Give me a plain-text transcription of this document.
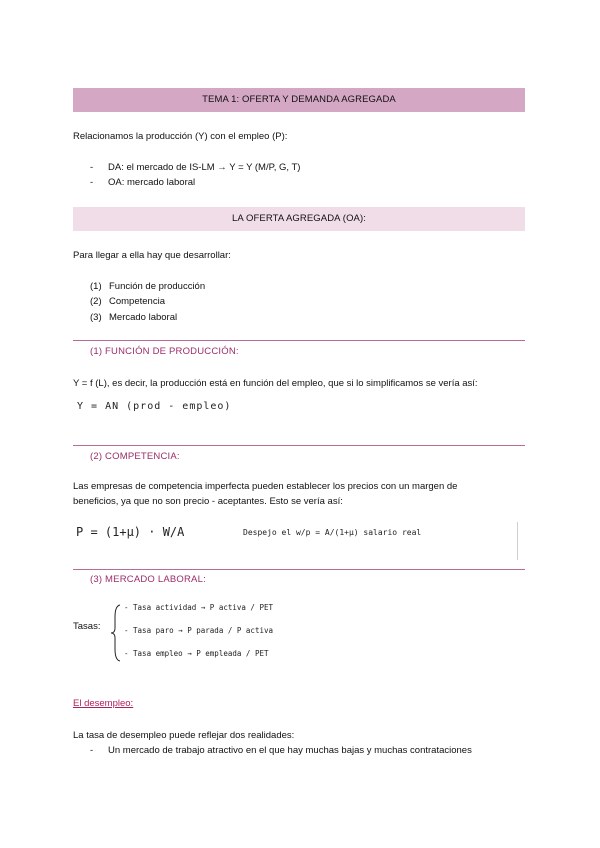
TEMA 1: OFERTA Y DEMANDA AGREGADA
Relacionamos la producción (Y) con el empleo (P):
- DA: el mercado de IS-LM → Y = Y (M/P, G, T)
- OA: mercado laboral
LA OFERTA AGREGADA (OA):
Para llegar a ella hay que desarrollar:
(1) Función de producción
(2) Competencia
(3) Mercado laboral
(1) FUNCIÓN DE PRODUCCIÓN:
Y = f (L), es decir, la producción está en función del empleo, que si lo simplificamos se vería así:
Y = AN (prod - empleo)
(2) COMPETENCIA:
Las empresas de competencia imperfecta pueden establecer los precios con un margen de
beneficios, ya que no son precio - aceptantes. Esto se vería así:
P = (1+μ) · W/A	Despejo el w/p = A/(1+μ) salario real
(3) MERCADO LABORAL:
Tasas:
- Tasa actividad → P activa / PET
- Tasa paro → P parada / P activa
- Tasa empleo → P empleada / PET
El desempleo:
La tasa de desempleo puede reflejar dos realidades:
- Un mercado de trabajo atractivo en el que hay muchas bajas y muchas contrataciones
